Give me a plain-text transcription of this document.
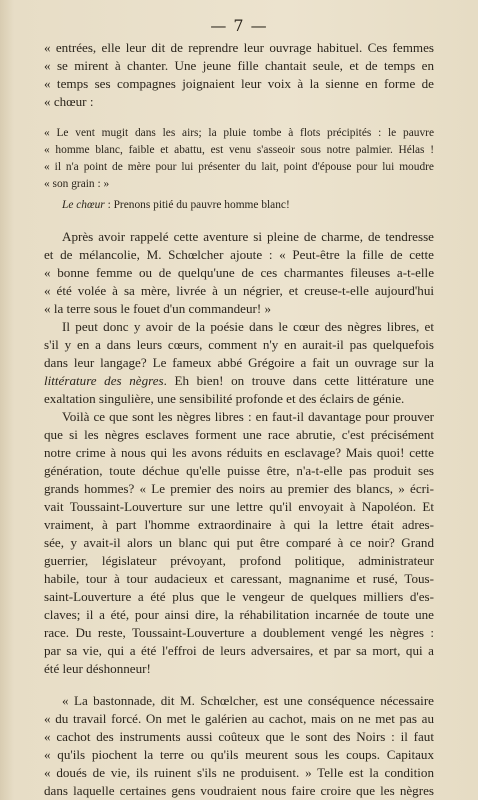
— 7 —
« entrées, elle leur dit de reprendre leur ouvrage habituel. Ces femmes
« se mirent à chanter. Une jeune fille chantait seule, et de temps en
« temps ses compagnes joignaient leur voix à la sienne en forme de
« chœur :
« Le vent mugit dans les airs; la pluie tombe à flots précipités : le pauvre
« homme blanc, faible et abattu, est venu s'asseoir sous notre palmier. Hélas !
« il n'a point de mère pour lui présenter du lait, point d'épouse pour lui moudre
« son grain : »
Le chœur : Prenons pitié du pauvre homme blanc!
Après avoir rappelé cette aventure si pleine de charme, de tendresse
et de mélancolie, M. Schœlcher ajoute : « Peut-être la fille de cette
« bonne femme ou de quelqu'une de ces charmantes fileuses a-t-elle
« été volée à sa mère, livrée à un négrier, et creuse-t-elle aujourd'hui
« la terre sous le fouet d'un commandeur! »
Il peut donc y avoir de la poésie dans le cœur des nègres libres, et
s'il y en a dans leurs cœurs, comment n'y en aurait-il pas quelquefois
dans leur langage? Le fameux abbé Grégoire a fait un ouvrage sur la
littérature des nègres. Eh bien! on trouve dans cette littérature une
exaltation singulière, une sensibilité profonde et des éclairs de génie.
Voilà ce que sont les nègres libres : en faut-il davantage pour prouver
que si les nègres esclaves forment une race abrutie, c'est précisément
notre crime à nous qui les avons réduits en esclavage? Mais quoi! cette
génération, toute déchue qu'elle puisse être, n'a-t-elle pas produit ses
grands hommes? « Le premier des noirs au premier des blancs, » écri-
vait Toussaint-Louverture sur une lettre qu'il envoyait à Napoléon. Et
vraiment, à part l'homme extraordinaire à qui la lettre était adres-
sée, y avait-il alors un blanc qui put être comparé à ce noir? Grand
guerrier, législateur prévoyant, profond politique, administrateur
habile, tour à tour audacieux et caressant, magnanime et rusé, Tous-
saint-Louverture a été plus que le vengeur de quelques milliers d'es-
claves; il a été, pour ainsi dire, la réhabilitation incarnée de toute une
race. Du reste, Toussaint-Louverture a doublement vengé les nègres :
par sa vie, qui a été l'effroi de leurs adversaires, et par sa mort, qui a
été leur déshonneur!
« La bastonnade, dit M. Schœlcher, est une conséquence nécessaire
« du travail forcé. On met le galérien au cachot, mais on ne met pas au
« cachot des instruments aussi coûteux que le sont des Noirs : il faut
« qu'ils piochent la terre ou qu'ils meurent sous les coups. Capitaux
« doués de vie, ils ruinent s'ils ne produisent. » Telle est la condition
dans laquelle certaines gens voudraient nous faire croire que les nègres
